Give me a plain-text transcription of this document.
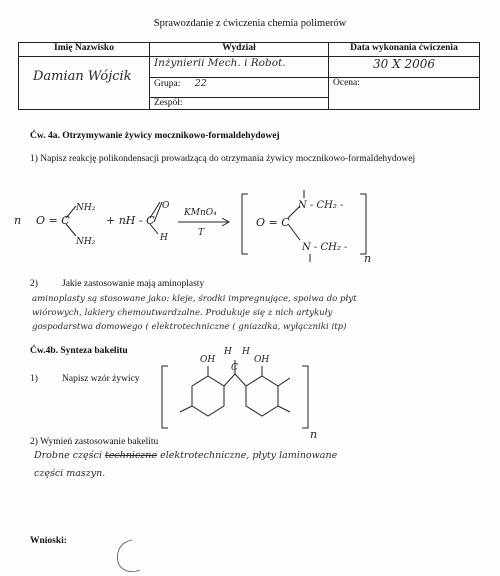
Sprawozdanie z ćwiczenia chemia polimerów
Imię Nazwisko	Wydział	Data wykonania ćwiczenia

Damian Wójcik	Inżynierii Mech. i Robot.	30 X 2006
	Grupa: 22	Ocena:
	Zespół:	
Ćw. 4a. Otrzymywanie żywicy mocznikowo-formaldehydowej
1) Napisz reakcję polikondensacji prowadzącą do otrzymania żywicy mocznikowo-formaldehydowej
n O = C
NH₂
NH₂
+ nH - C
O
H
KMnO₄
T
O = C
N - CH₂ -
N - CH₂ -
n
2)	Jakie zastosowanie mają aminoplasty
aminoplasty są stosowane jako: kleje, środki impregnujące, spoiwa do płyt
wiórowych, lakiery chemoutwardzalne. Produkuje się z nich artykuły
gospodarstwa domowego ( elektrotechniczne ( gniazdka, wyłączniki itp)
Ćw.4b. Synteza bakelitu
1)	Napisz wzór żywicy
OH	OH
H H
C
n
2) Wymień zastosowanie bakelitu
Drobne części techniczne elektrotechniczne, płyty laminowane
części maszyn.
Wnioski:
